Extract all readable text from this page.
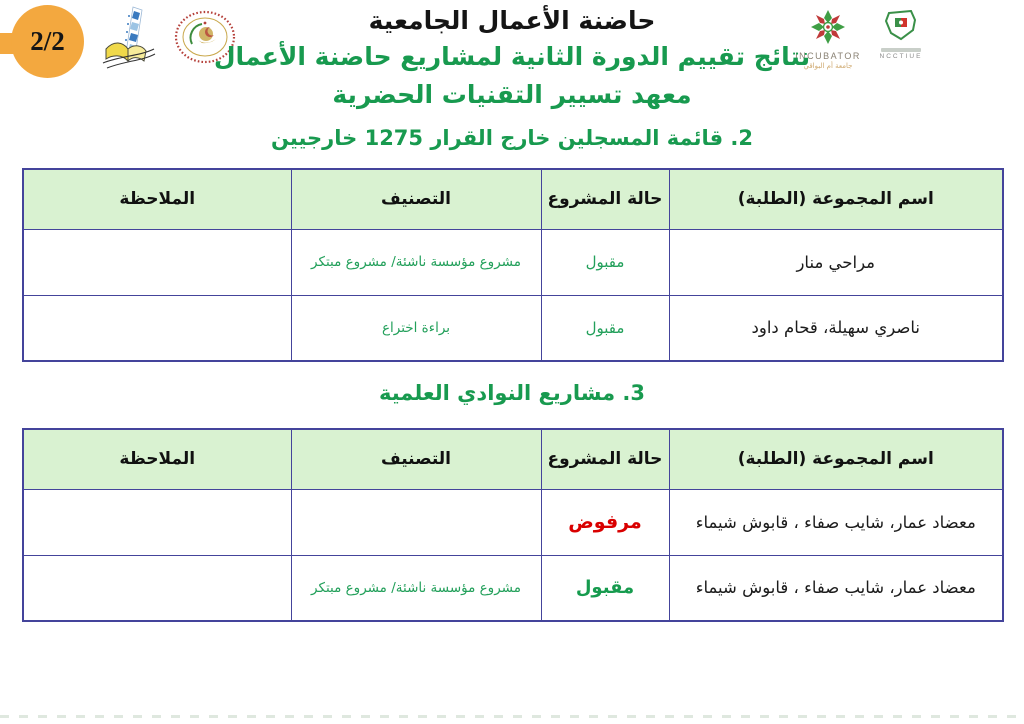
2/2	INCUBATOR
جامعة أم البواقي
NCCTIUE
حاضنة الأعمال الجامعية
نتائج تقييم الدورة الثانية لمشاريع حاضنة الأعمال
معهد تسيير التقنيات الحضرية
2. قائمة المسجلين خارج القرار 1275 خارجيين
اسم المجموعة (الطلبة)	حالة المشروع	التصنيف	الملاحظة
مراحي منار	مقبول	مشروع مؤسسة ناشئة/ مشروع مبتكر	
ناصري سهيلة، قحام داود	مقبول	براءة اختراع	
3. مشاريع النوادي العلمية
اسم المجموعة (الطلبة)	حالة المشروع	التصنيف	الملاحظة
معضاد عمار، شايب صفاء ، قابوش شيماء	مرفوض		
معضاد عمار، شايب صفاء ، قابوش شيماء	مقبول	مشروع مؤسسة ناشئة/ مشروع مبتكر	
